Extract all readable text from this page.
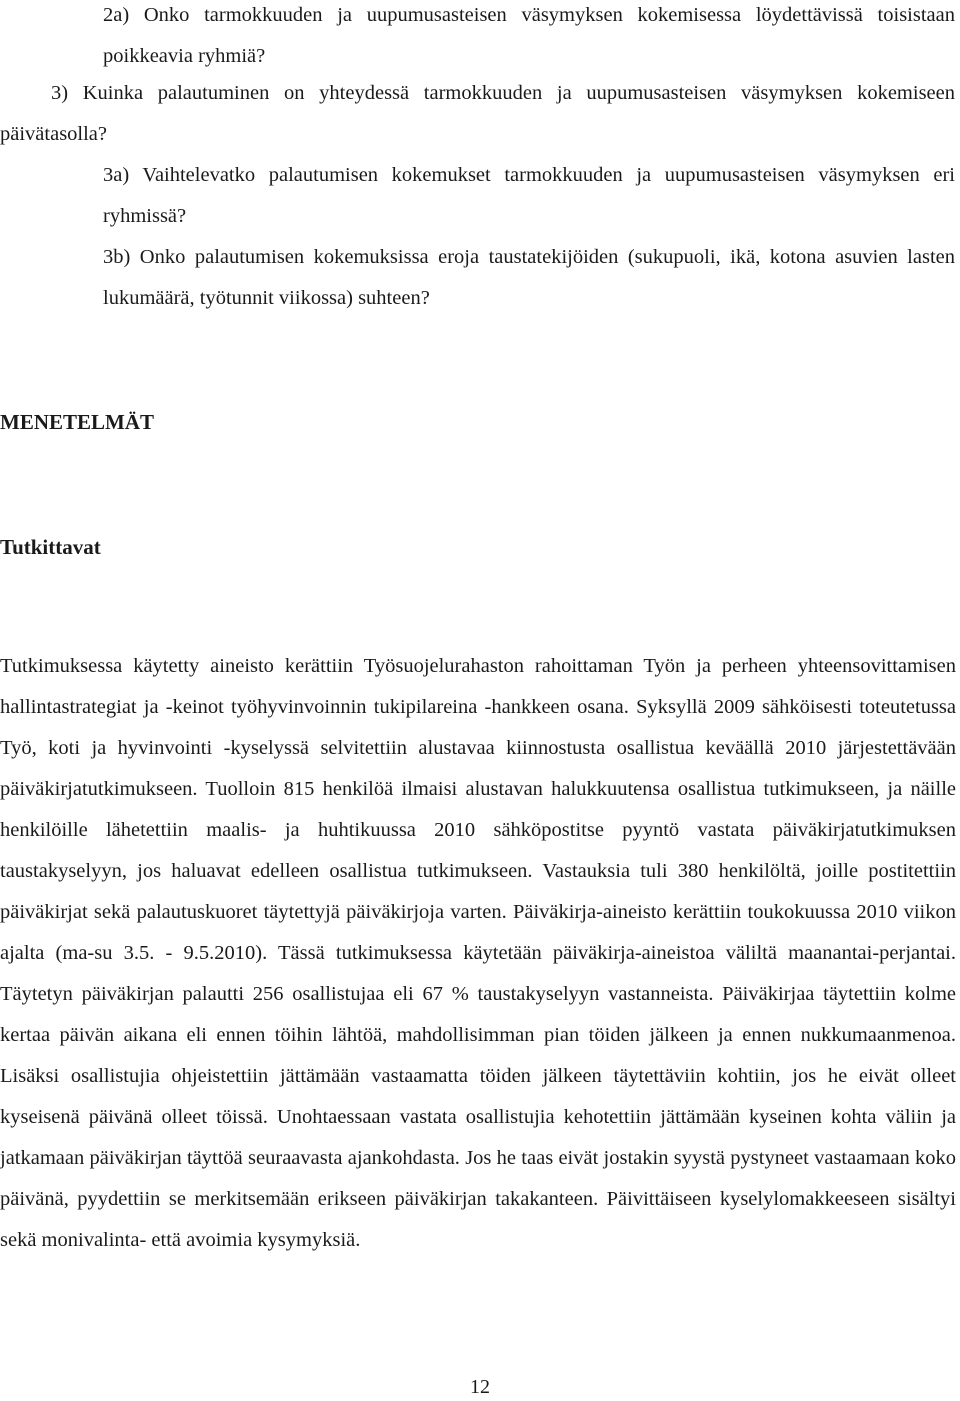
2a) Onko tarmokkuuden ja uupumusasteisen väsymyksen kokemisessa löydettävissä toisistaan poikkeavia ryhmiä?

3) Kuinka palautuminen on yhteydessä tarmokkuuden ja uupumusasteisen väsymyksen kokemiseen päivätasolla?

3a) Vaihtelevatko palautumisen kokemukset tarmokkuuden ja uupumusasteisen väsymyksen eri ryhmissä?

3b) Onko palautumisen kokemuksissa eroja taustatekijöiden (sukupuoli, ikä, kotona asuvien lasten lukumäärä, työtunnit viikossa) suhteen?

MENETELMÄT
Tutkittavat

Tutkimuksessa käytetty aineisto kerättiin Työsuojelurahaston rahoittaman Työn ja perheen yhteensovittamisen hallintastrategiat ja -keinot työhyvinvoinnin tukipilareina -hankkeen osana. Syksyllä 2009 sähköisesti toteutetussa Työ, koti ja hyvinvointi -kyselyssä selvitettiin alustavaa kiinnostusta osallistua keväällä 2010 järjestettävään päiväkirjatutkimukseen. Tuolloin 815 henkilöä ilmaisi alustavan halukkuutensa osallistua tutkimukseen, ja näille henkilöille lähetettiin maalis- ja huhtikuussa 2010 sähköpostitse pyyntö vastata päiväkirjatutkimuksen taustakyselyyn, jos haluavat edelleen osallistua tutkimukseen. Vastauksia tuli 380 henkilöltä, joille postitettiin päiväkirjat sekä palautuskuoret täytettyjä päiväkirjoja varten. Päiväkirja-aineisto kerättiin toukokuussa 2010 viikon ajalta (ma-su 3.5. - 9.5.2010). Tässä tutkimuksessa käytetään päiväkirja-aineistoa väliltä maanantai-perjantai. Täytetyn päiväkirjan palautti 256 osallistujaa eli 67 % taustakyselyyn vastanneista. Päiväkirjaa täytettiin kolme kertaa päivän aikana eli ennen töihin lähtöä, mahdollisimman pian töiden jälkeen ja ennen nukkumaanmenoa. Lisäksi osallistujia ohjeistettiin jättämään vastaamatta töiden jälkeen täytettäviin kohtiin, jos he eivät olleet kyseisenä päivänä olleet töissä. Unohtaessaan vastata osallistujia kehotettiin jättämään kyseinen kohta väliin ja jatkamaan päiväkirjan täyttöä seuraavasta ajankohdasta. Jos he taas eivät jostakin syystä pystyneet vastaamaan koko päivänä, pyydettiin se merkitsemään erikseen päiväkirjan takakanteen. Päivittäiseen kyselylomakkeeseen sisältyi sekä monivalinta- että avoimia kysymyksiä.

12
